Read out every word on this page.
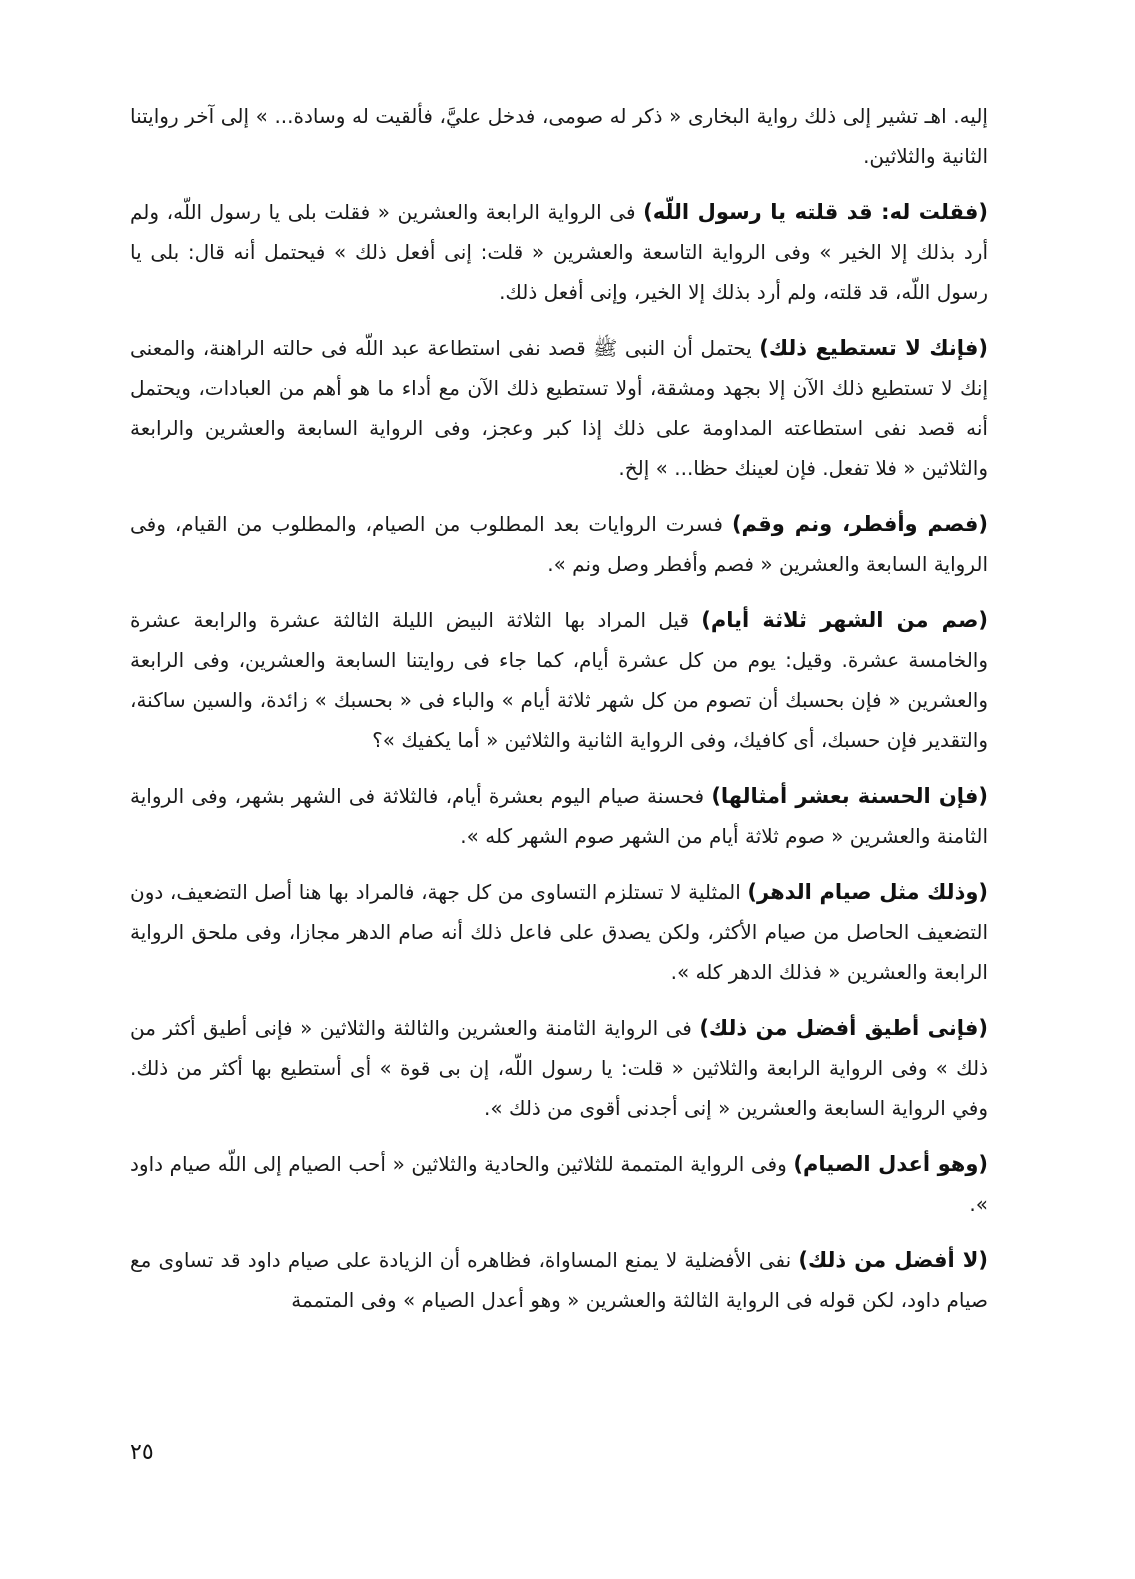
إليه. اهـ تشير إلى ذلك رواية البخارى « ذكر له صومى، فدخل عليَّ، فألقيت له وسادة... » إلى آخر روايتنا الثانية والثلاثين.

(فقلت له: قد قلته يا رسول اللّه) فى الرواية الرابعة والعشرين « فقلت بلى يا رسول اللّه، ولم أرد بذلك إلا الخير » وفى الرواية التاسعة والعشرين « قلت: إنى أفعل ذلك » فيحتمل أنه قال: بلى يا رسول اللّه، قد قلته، ولم أرد بذلك إلا الخير، وإنى أفعل ذلك.

(فإنك لا تستطيع ذلك) يحتمل أن النبى ﷺ قصد نفى استطاعة عبد اللّه فى حالته الراهنة، والمعنى إنك لا تستطيع ذلك الآن إلا بجهد ومشقة، أولا تستطيع ذلك الآن مع أداء ما هو أهم من العبادات، ويحتمل أنه قصد نفى استطاعته المداومة على ذلك إذا كبر وعجز، وفى الرواية السابعة والعشرين والرابعة والثلاثين « فلا تفعل. فإن لعينك حظا... » إلخ.

(فصم وأفطر، ونم وقم) فسرت الروايات بعد المطلوب من الصيام، والمطلوب من القيام، وفى الرواية السابعة والعشرين « فصم وأفطر وصل ونم ».

(صم من الشهر ثلاثة أيام) قيل المراد بها الثلاثة البيض الليلة الثالثة عشرة والرابعة عشرة والخامسة عشرة. وقيل: يوم من كل عشرة أيام، كما جاء فى روايتنا السابعة والعشرين، وفى الرابعة والعشرين « فإن بحسبك أن تصوم من كل شهر ثلاثة أيام » والباء فى « بحسبك » زائدة، والسين ساكنة، والتقدير فإن حسبك، أى كافيك، وفى الرواية الثانية والثلاثين « أما يكفيك »؟

(فإن الحسنة بعشر أمثالها) فحسنة صيام اليوم بعشرة أيام، فالثلاثة فى الشهر بشهر، وفى الرواية الثامنة والعشرين « صوم ثلاثة أيام من الشهر صوم الشهر كله ».

(وذلك مثل صيام الدهر) المثلية لا تستلزم التساوى من كل جهة، فالمراد بها هنا أصل التضعيف، دون التضعيف الحاصل من صيام الأكثر، ولكن يصدق على فاعل ذلك أنه صام الدهر مجازا، وفى ملحق الرواية الرابعة والعشرين « فذلك الدهر كله ».

(فإنى أطيق أفضل من ذلك) فى الرواية الثامنة والعشرين والثالثة والثلاثين « فإنى أطيق أكثر من ذلك » وفى الرواية الرابعة والثلاثين « قلت: يا رسول اللّه، إن بى قوة » أى أستطيع بها أكثر من ذلك. وفي الرواية السابعة والعشرين « إنى أجدنى أقوى من ذلك ».

(وهو أعدل الصيام) وفى الرواية المتممة للثلاثين والحادية والثلاثين « أحب الصيام إلى اللّه صيام داود ».

(لا أفضل من ذلك) نفى الأفضلية لا يمنع المساواة، فظاهره أن الزيادة على صيام داود قد تساوى مع صيام داود، لكن قوله فى الرواية الثالثة والعشرين « وهو أعدل الصيام » وفى المتممة

٢٥
